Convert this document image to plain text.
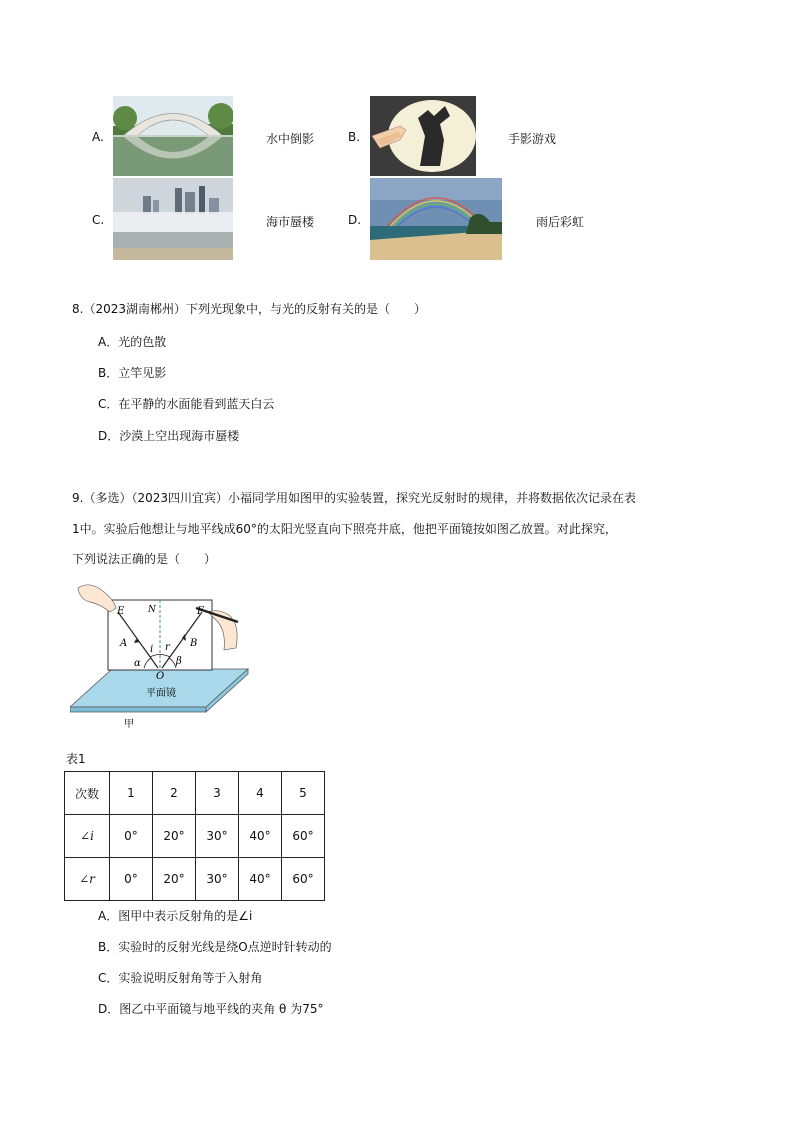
A.	水中倒影	B.	手影游戏
C.	海市蜃楼	D.	雨后彩虹
8.（2023湖南郴州）下列光现象中，与光的反射有关的是（　　）
A．光的色散
B．立竿见影
C．在平静的水面能看到蓝天白云
D．沙漠上空出现海市蜃楼
9.（多选）（2023四川宜宾）小福同学用如图甲的实验装置，探究光反射时的规律，并将数据依次记录在表
1中。实验后他想让与地平线成60°的太阳光竖直向下照亮井底，他把平面镜按如图乙放置。对此探究，
下列说法正确的是（　　）
E	F
N
A	B
i r
α	β
O
平面镜
甲
表1
次数	1	2	3	4	5
∠i	0°	20°	30°	40°	60°
∠r	0°	20°	30°	40°	60°
A．图甲中表示反射角的是∠i
B．实验时的反射光线是绕O点逆时针转动的
C．实验说明反射角等于入射角
D．图乙中平面镜与地平线的夹角 θ 为75°
